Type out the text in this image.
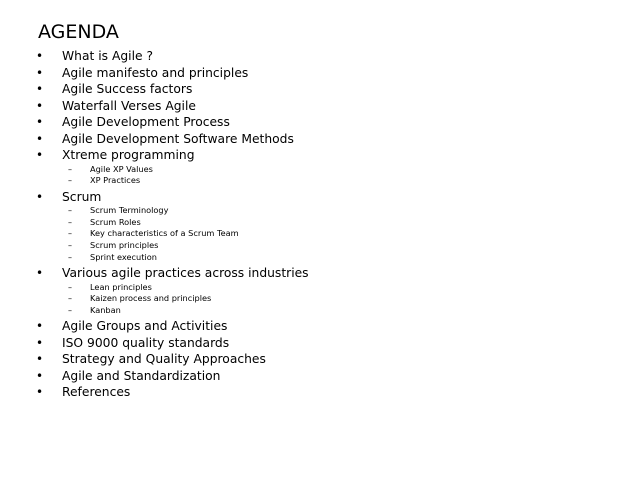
AGENDA
• What is Agile ?
• Agile manifesto and principles
• Agile Success factors
• Waterfall Verses Agile
• Agile Development Process
• Agile Development Software Methods
• Xtreme programming
– Agile XP Values
– XP Practices
• Scrum
– Scrum Terminology
– Scrum Roles
– Key characteristics of a Scrum Team
– Scrum principles
– Sprint execution
• Various agile practices across industries
– Lean principles
– Kaizen process and principles
– Kanban
• Agile Groups and Activities
• ISO 9000 quality standards
• Strategy and Quality Approaches
• Agile and Standardization
• References
